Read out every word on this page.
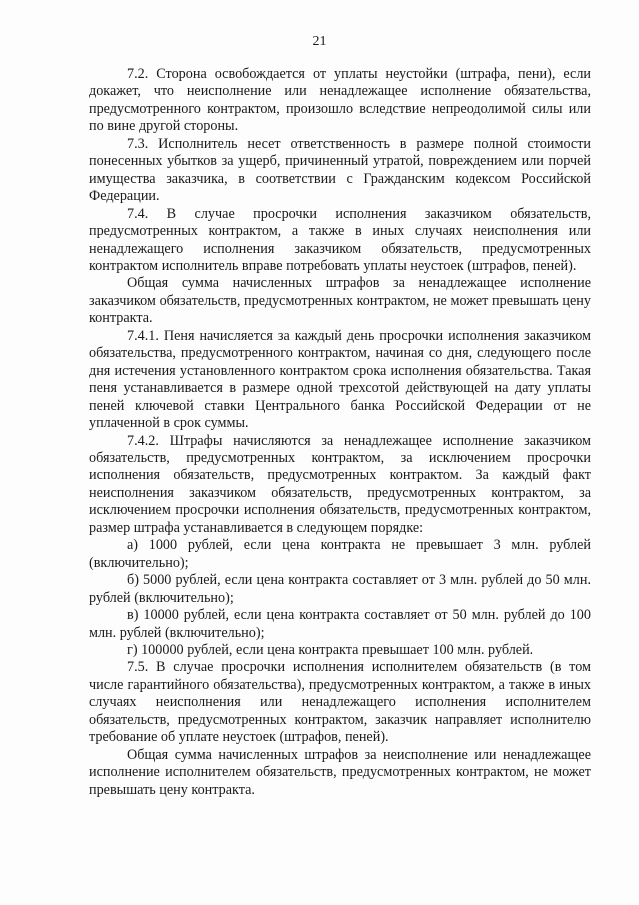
21

7.2. Сторона освобождается от уплаты неустойки (штрафа, пени), если докажет, что неисполнение или ненадлежащее исполнение обязательства, предусмотренного контрактом, произошло вследствие непреодолимой силы или по вине другой стороны.

7.3. Исполнитель несет ответственность в размере полной стоимости понесенных убытков за ущерб, причиненный утратой, повреждением или порчей имущества заказчика, в соответствии с Гражданским кодексом Российской Федерации.

7.4. В случае просрочки исполнения заказчиком обязательств, предусмотренных контрактом, а также в иных случаях неисполнения или ненадлежащего исполнения заказчиком обязательств, предусмотренных контрактом исполнитель вправе потребовать уплаты неустоек (штрафов, пеней).

Общая сумма начисленных штрафов за ненадлежащее исполнение заказчиком обязательств, предусмотренных контрактом, не может превышать цену контракта.

7.4.1. Пеня начисляется за каждый день просрочки исполнения заказчиком обязательства, предусмотренного контрактом, начиная со дня, следующего после дня истечения установленного контрактом срока исполнения обязательства. Такая пеня устанавливается в размере одной трехсотой действующей на дату уплаты пеней ключевой ставки Центрального банка Российской Федерации от не уплаченной в срок суммы.

7.4.2. Штрафы начисляются за ненадлежащее исполнение заказчиком обязательств, предусмотренных контрактом, за исключением просрочки исполнения обязательств, предусмотренных контрактом. За каждый факт неисполнения заказчиком обязательств, предусмотренных контрактом, за исключением просрочки исполнения обязательств, предусмотренных контрактом, размер штрафа устанавливается в следующем порядке:

а) 1000 рублей, если цена контракта не превышает 3 млн. рублей (включительно);

б) 5000 рублей, если цена контракта составляет от 3 млн. рублей до 50 млн. рублей (включительно);

в) 10000 рублей, если цена контракта составляет от 50 млн. рублей до 100 млн. рублей (включительно);

г) 100000 рублей, если цена контракта превышает 100 млн. рублей.

7.5. В случае просрочки исполнения исполнителем обязательств (в том числе гарантийного обязательства), предусмотренных контрактом, а также в иных случаях неисполнения или ненадлежащего исполнения исполнителем обязательств, предусмотренных контрактом, заказчик направляет исполнителю требование об уплате неустоек (штрафов, пеней).

Общая сумма начисленных штрафов за неисполнение или ненадлежащее исполнение исполнителем обязательств, предусмотренных контрактом, не может превышать цену контракта.
